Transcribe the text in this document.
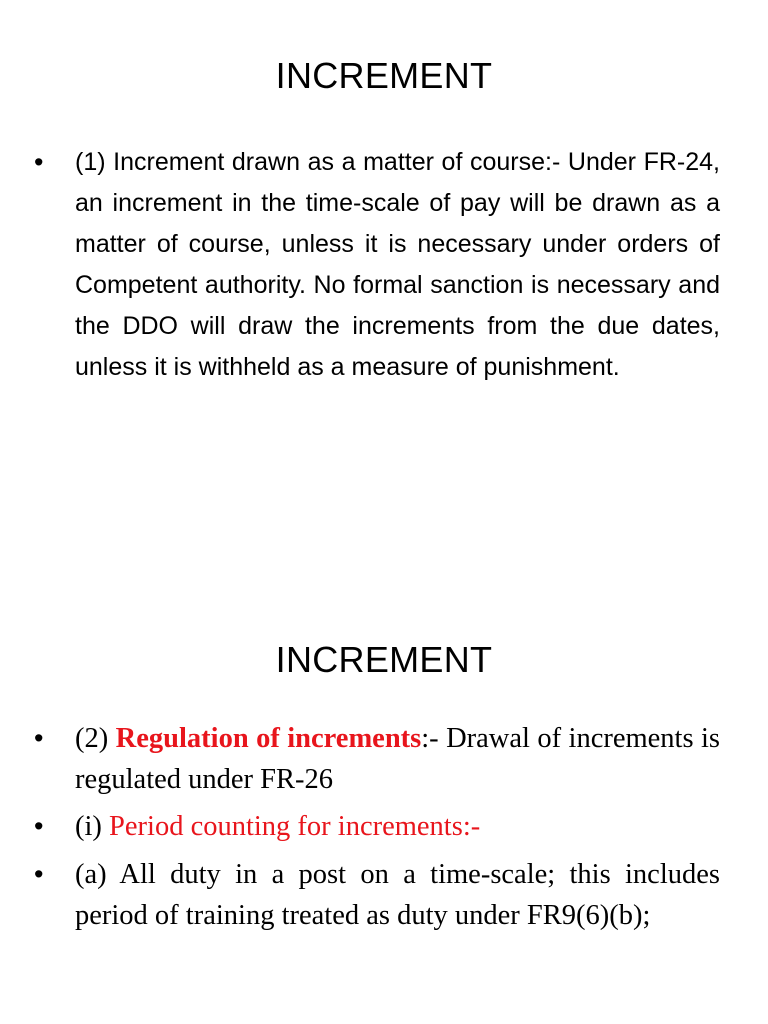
INCREMENT
• (1) Increment drawn as a matter of course:- Under FR-24, an increment in the time-scale of pay will be drawn as a matter of course, unless it is necessary under orders of Competent authority. No formal sanction is necessary and the DDO will draw the increments from the due dates, unless it is withheld as a measure of punishment.
INCREMENT
• (2) Regulation of increments:- Drawal of increments is regulated under FR-26
• (i) Period counting for increments:-
• (a) All duty in a post on a time-scale; this includes period of training treated as duty under FR9(6)(b);
